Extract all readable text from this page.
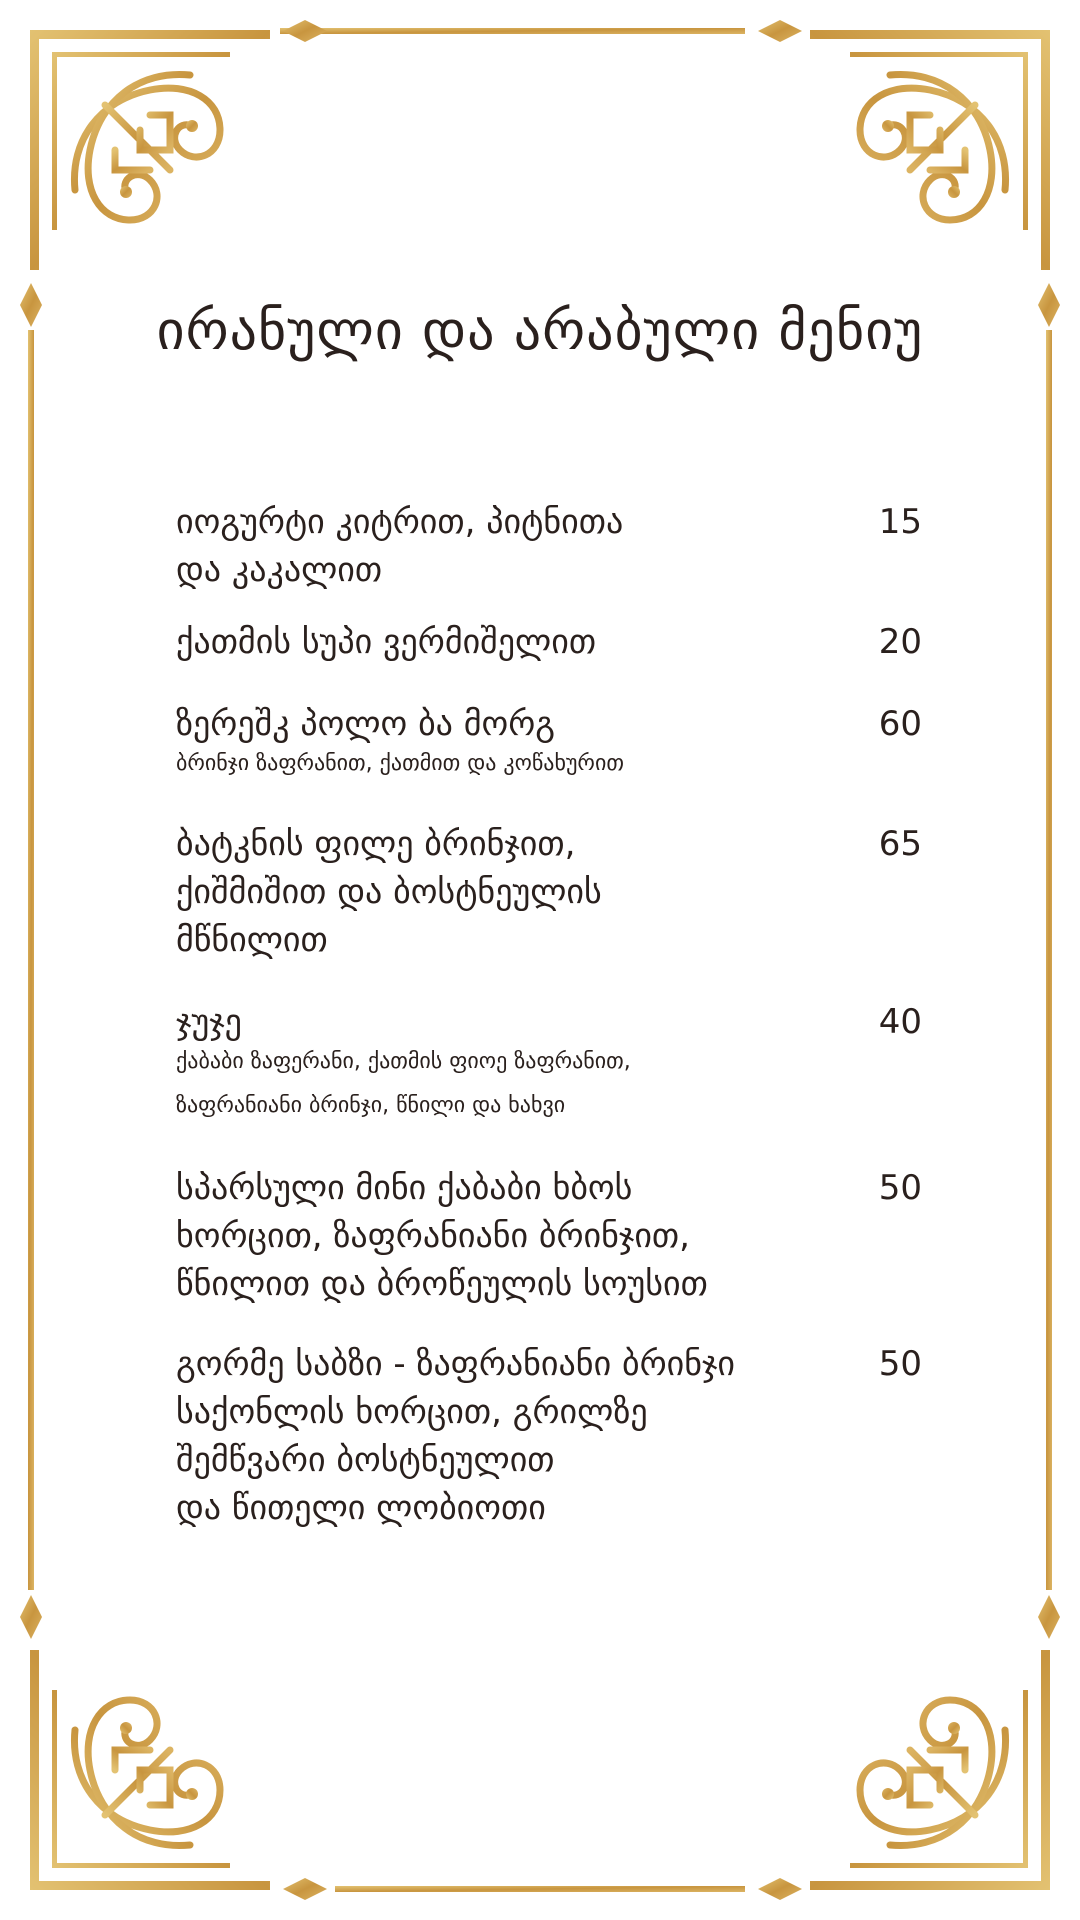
ირანული და არაბული მენიუ
იოგურტი კიტრით, პიტნითა
და კაკალით
15
ქათმის სუპი ვერმიშელით	20
ზერეშკ პოლო ბა მორგ
ბრინჯი ზაფრანით, ქათმით და კოწახურით
60
ბატკნის ფილე ბრინჯით,
ქიშმიშით და ბოსტნეულის
მწნილით
65
ჯუჯე
ქაბაბი ზაფერანი, ქათმის ფიოე ზაფრანით,
ზაფრანიანი ბრინჯი, წნილი და ხახვი
40
სპარსული მინი ქაბაბი ხბოს
ხორცით, ზაფრანიანი ბრინჯით,
წნილით და ბროწეულის სოუსით
50
გორმე საბზი - ზაფრანიანი ბრინჯი
საქონლის ხორცით, გრილზე
შემწვარი ბოსტნეულით
და წითელი ლობიოთი
50
